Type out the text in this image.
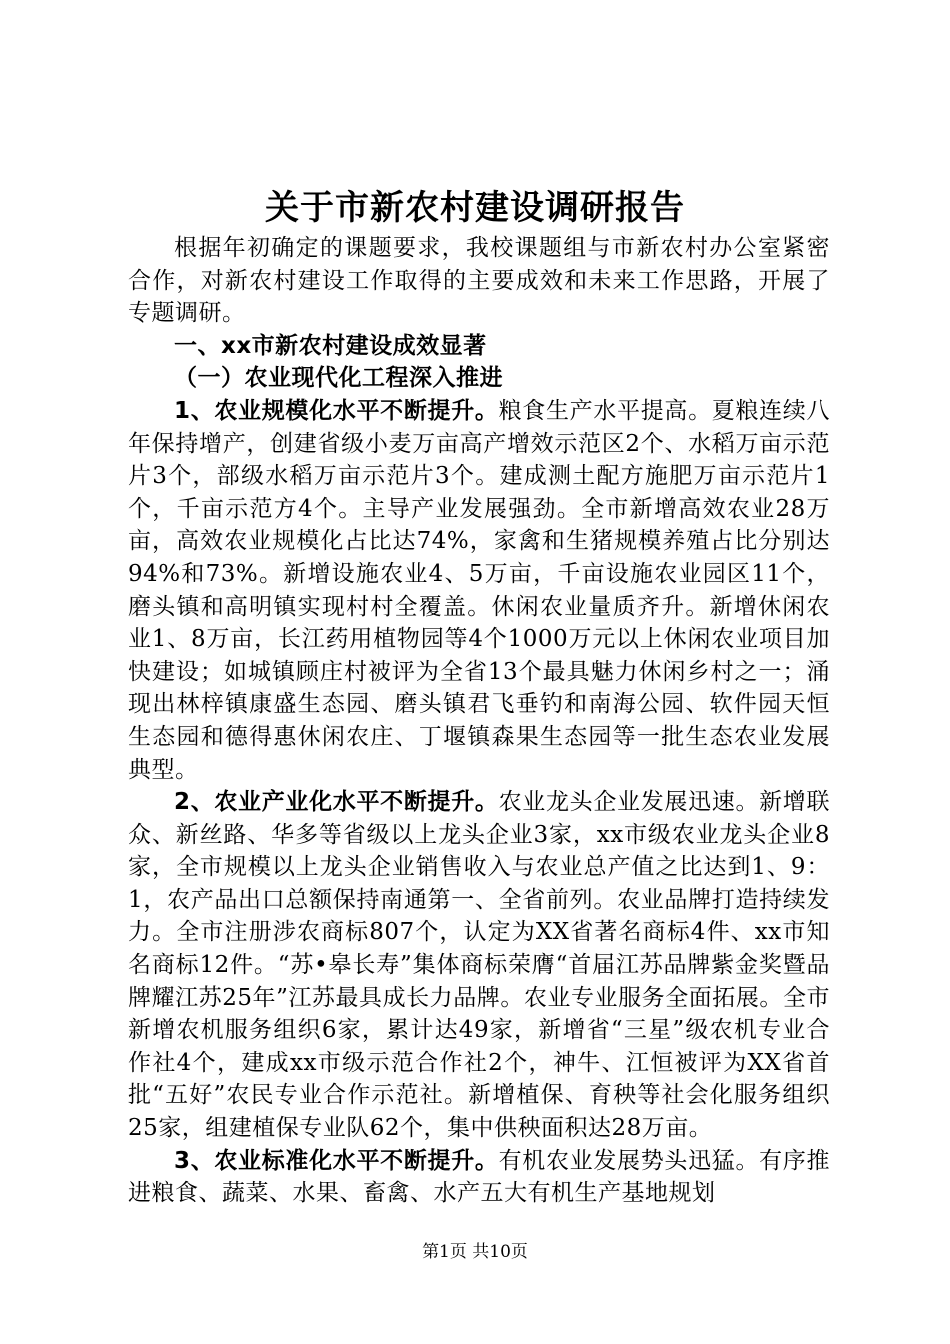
关于市新农村建设调研报告

根据年初确定的课题要求，我校课题组与市新农村办公室紧密合作，对新农村建设工作取得的主要成效和未来工作思路，开展了专题调研。

一、xx市新农村建设成效显著

（一）农业现代化工程深入推进

1、农业规模化水平不断提升。粮食生产水平提高。夏粮连续八年保持增产，创建省级小麦万亩高产增效示范区2个、水稻万亩示范片3个，部级水稻万亩示范片3个。建成测土配方施肥万亩示范片1个，千亩示范方4个。主导产业发展强劲。全市新增高效农业28万亩，高效农业规模化占比达74%，家禽和生猪规模养殖占比分别达94%和73%。新增设施农业4、5万亩，千亩设施农业园区11个，磨头镇和高明镇实现村村全覆盖。休闲农业量质齐升。新增休闲农业1、8万亩，长江药用植物园等4个1000万元以上休闲农业项目加快建设；如城镇顾庄村被评为全省13个最具魅力休闲乡村之一；涌现出林梓镇康盛生态园、磨头镇君飞垂钓和南海公园、软件园天恒生态园和德得惠休闲农庄、丁堰镇森果生态园等一批生态农业发展典型。

2、农业产业化水平不断提升。农业龙头企业发展迅速。新增联众、新丝路、华多等省级以上龙头企业3家，xx市级农业龙头企业8家，全市规模以上龙头企业销售收入与农业总产值之比达到1、9：1，农产品出口总额保持南通第一、全省前列。农业品牌打造持续发力。全市注册涉农商标807个，认定为XX省著名商标4件、xx市知名商标12件。“苏•皋长寿”集体商标荣膺“首届江苏品牌紫金奖暨品牌耀江苏25年”江苏最具成长力品牌。农业专业服务全面拓展。全市新增农机服务组织6家，累计达49家，新增省“三星”级农机专业合作社4个，建成xx市级示范合作社2个，神牛、江恒被评为XX省首批“五好”农民专业合作示范社。新增植保、育秧等社会化服务组织25家，组建植保专业队62个，集中供秧面积达28万亩。

3、农业标准化水平不断提升。有机农业发展势头迅猛。有序推进粮食、蔬菜、水果、畜禽、水产五大有机生产基地规划

第1页 共10页
